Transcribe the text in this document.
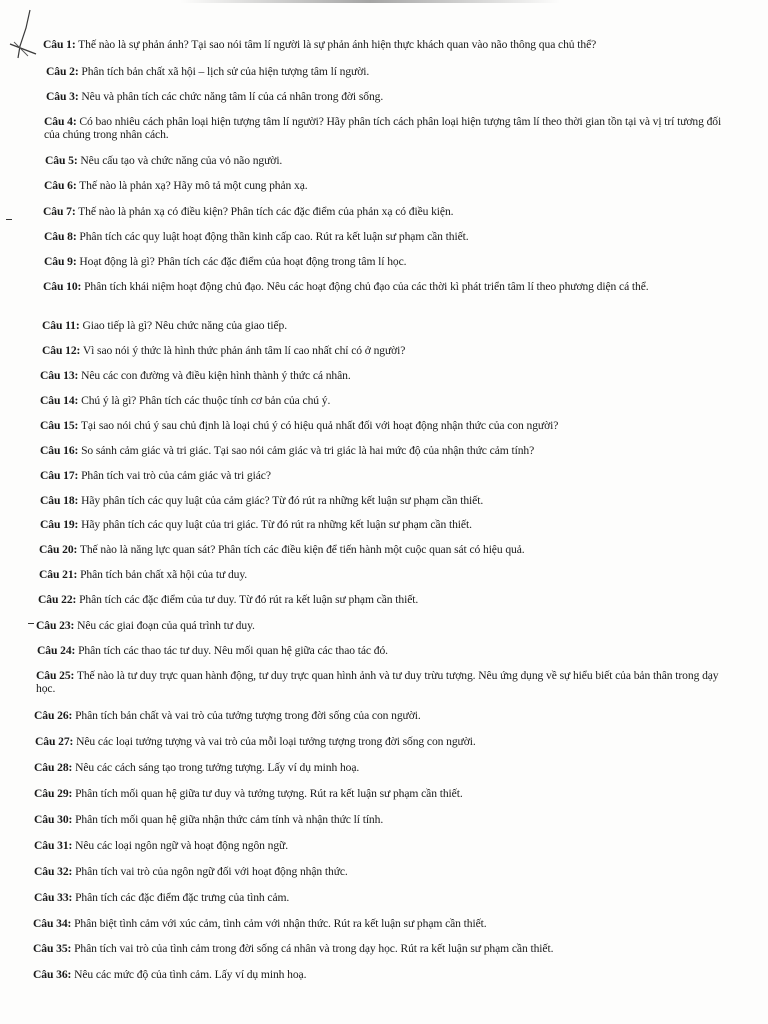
Câu 1: Thế nào là sự phản ánh? Tại sao nói tâm lí người là sự phản ánh hiện thực khách quan vào não thông qua chủ thể?
Câu 2: Phân tích bản chất xã hội – lịch sử của hiện tượng tâm lí người.
Câu 3: Nêu và phân tích các chức năng tâm lí của cá nhân trong đời sống.
Câu 4: Có bao nhiêu cách phân loại hiện tượng tâm lí người? Hãy phân tích cách phân loại hiện tượng tâm lí theo thời gian tồn tại và vị trí tương đối của chúng trong nhân cách.
Câu 5: Nêu cấu tạo và chức năng của vỏ não người.
Câu 6: Thế nào là phản xạ? Hãy mô tả một cung phản xạ.
Câu 7: Thế nào là phản xạ có điều kiện? Phân tích các đặc điểm của phản xạ có điều kiện.
Câu 8: Phân tích các quy luật hoạt động thần kinh cấp cao. Rút ra kết luận sư phạm cần thiết.
Câu 9: Hoạt động là gì? Phân tích các đặc điểm của hoạt động trong tâm lí học.
Câu 10: Phân tích khái niệm hoạt động chủ đạo. Nêu các hoạt động chủ đạo của các thời kì phát triển tâm lí theo phương diện cá thể.
Câu 11: Giao tiếp là gì? Nêu chức năng của giao tiếp.
Câu 12: Vì sao nói ý thức là hình thức phản ánh tâm lí cao nhất chỉ có ở người?
Câu 13: Nêu các con đường và điều kiện hình thành ý thức cá nhân.
Câu 14: Chú ý là gì? Phân tích các thuộc tính cơ bản của chú ý.
Câu 15: Tại sao nói chú ý sau chủ định là loại chú ý có hiệu quả nhất đối với hoạt động nhận thức của con người?
Câu 16: So sánh cảm giác và tri giác. Tại sao nói cảm giác và tri giác là hai mức độ của nhận thức cảm tính?
Câu 17: Phân tích vai trò của cảm giác và tri giác?
Câu 18: Hãy phân tích các quy luật của cảm giác? Từ đó rút ra những kết luận sư phạm cần thiết.
Câu 19: Hãy phân tích các quy luật của tri giác. Từ đó rút ra những kết luận sư phạm cần thiết.
Câu 20: Thế nào là năng lực quan sát? Phân tích các điều kiện để tiến hành một cuộc quan sát có hiệu quả.
Câu 21: Phân tích bản chất xã hội của tư duy.
Câu 22: Phân tích các đặc điểm của tư duy. Từ đó rút ra kết luận sư phạm cần thiết.
Câu 23: Nêu các giai đoạn của quá trình tư duy.
Câu 24: Phân tích các thao tác tư duy. Nêu mối quan hệ giữa các thao tác đó.
Câu 25: Thế nào là tư duy trực quan hành động, tư duy trực quan hình ảnh và tư duy trừu tượng. Nêu ứng dụng về sự hiểu biết của bản thân trong dạy học.
Câu 26: Phân tích bản chất và vai trò của tưởng tượng trong đời sống của con người.
Câu 27: Nêu các loại tưởng tượng và vai trò của mỗi loại tưởng tượng trong đời sống con người.
Câu 28: Nêu các cách sáng tạo trong tưởng tượng. Lấy ví dụ minh hoạ.
Câu 29: Phân tích mối quan hệ giữa tư duy và tưởng tượng. Rút ra kết luận sư phạm cần thiết.
Câu 30: Phân tích mối quan hệ giữa nhận thức cảm tính và nhận thức lí tính.
Câu 31: Nêu các loại ngôn ngữ và hoạt động ngôn ngữ.
Câu 32: Phân tích vai trò của ngôn ngữ đối với hoạt động nhận thức.
Câu 33: Phân tích các đặc điểm đặc trưng của tình cảm.
Câu 34: Phân biệt tình cảm với xúc cảm, tình cảm với nhận thức. Rút ra kết luận sư phạm cần thiết.
Câu 35: Phân tích vai trò của tình cảm trong đời sống cá nhân và trong dạy học. Rút ra kết luận sư phạm cần thiết.
Câu 36: Nêu các mức độ của tình cảm. Lấy ví dụ minh hoạ.
